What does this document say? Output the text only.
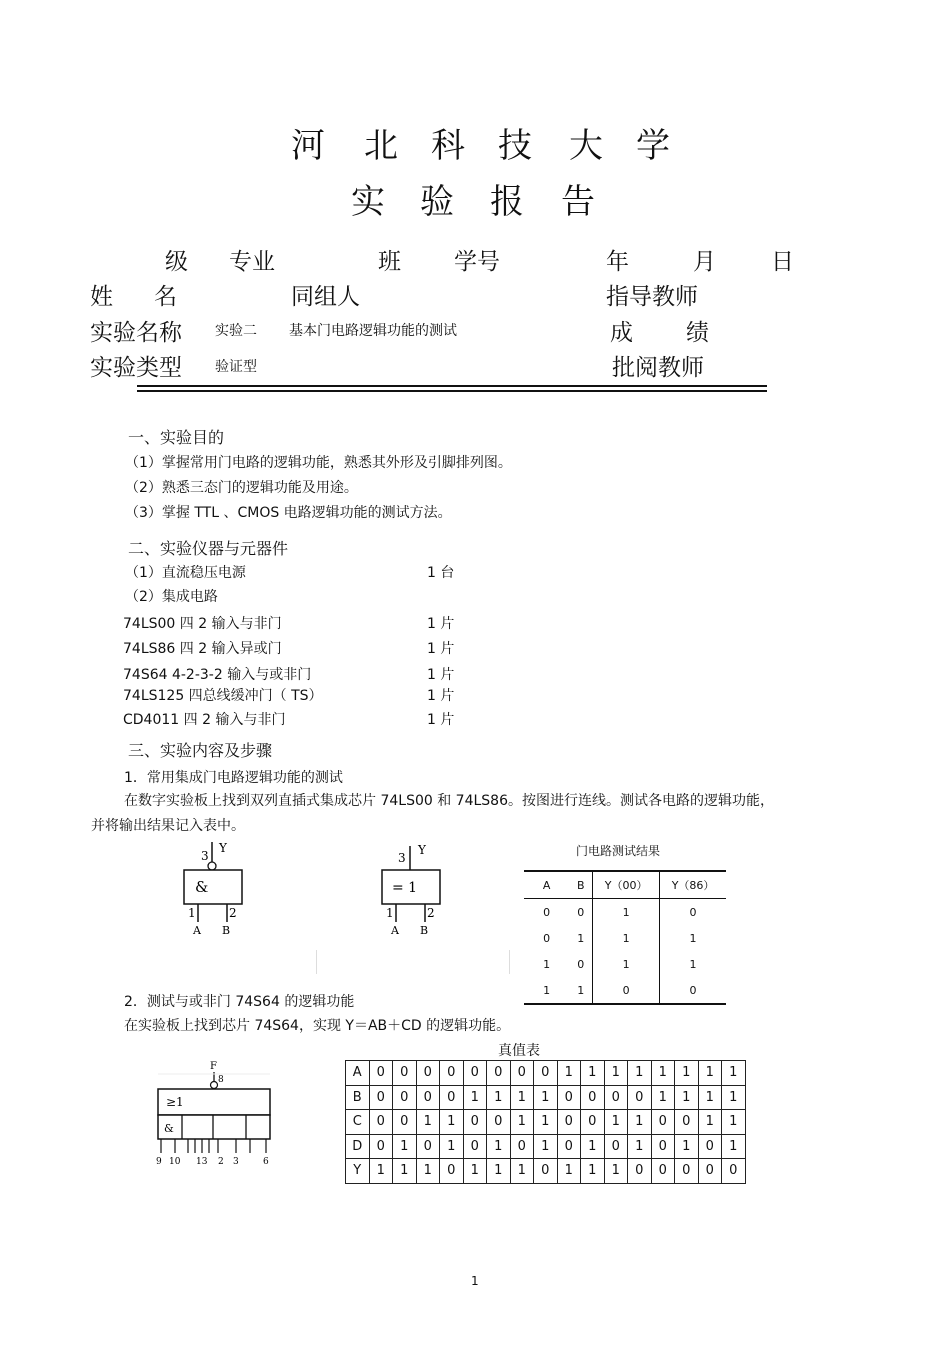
河 北 科 技 大 学
实 验 报 告
级 专业	班 学号	年	月 日
姓 名	同组人	指导教师
实验名称 实验二 基本门电路逻辑功能的测试	成 绩
实验类型 验证型	批阅教师
一、实验目的
（1）掌握常用门电路的逻辑功能，熟悉其外形及引脚排列图。
（2）熟悉三态门的逻辑功能及用途。
（3）掌握 TTL 、CMOS 电路逻辑功能的测试方法。
二、实验仪器与元器件
（1）直流稳压电源	1 台
（2）集成电路
74LS00 四 2 输入与非门	1 片
74LS86 四 2 输入异或门	1 片
74S64 4-2-3-2 输入与或非门	1 片
74LS125 四总线缓冲门（ TS）	1 片
CD4011 四 2 输入与非门	1 片
三、实验内容及步骤
1．常用集成门电路逻辑功能的测试
在数字实验板上找到双列直插式集成芯片 74LS00 和 74LS86。按图进行连线。测试各电路的逻辑功能，
并将输出结果记入表中。
2．测试与或非门 74S64 的逻辑功能
在实验板上找到芯片 74S64，实现 Y＝AB＋CD 的逻辑功能。
3
Y
&
1	2
A B
3
Y
= 1
1	2
A B
门电路测试结果
A	B	Y（00）	Y（86）
0	0	1	0
0	1	1	1
1	0	1	1
1	1	0	0
F
8
≥1
&
9 10 13 2 3	6
真值表
A	0	0	0	0	0	0	0	0	1	1	1	1	1	1	1	1
B	0	0	0	0	1	1	1	1	0	0	0	0	1	1	1	1
C	0	0	1	1	0	0	1	1	0	0	1	1	0	0	1	1
D	0	1	0	1	0	1	0	1	0	1	0	1	0	1	0	1
Y	1	1	1	0	1	1	1	0	1	1	1	0	0	0	0	0
1
